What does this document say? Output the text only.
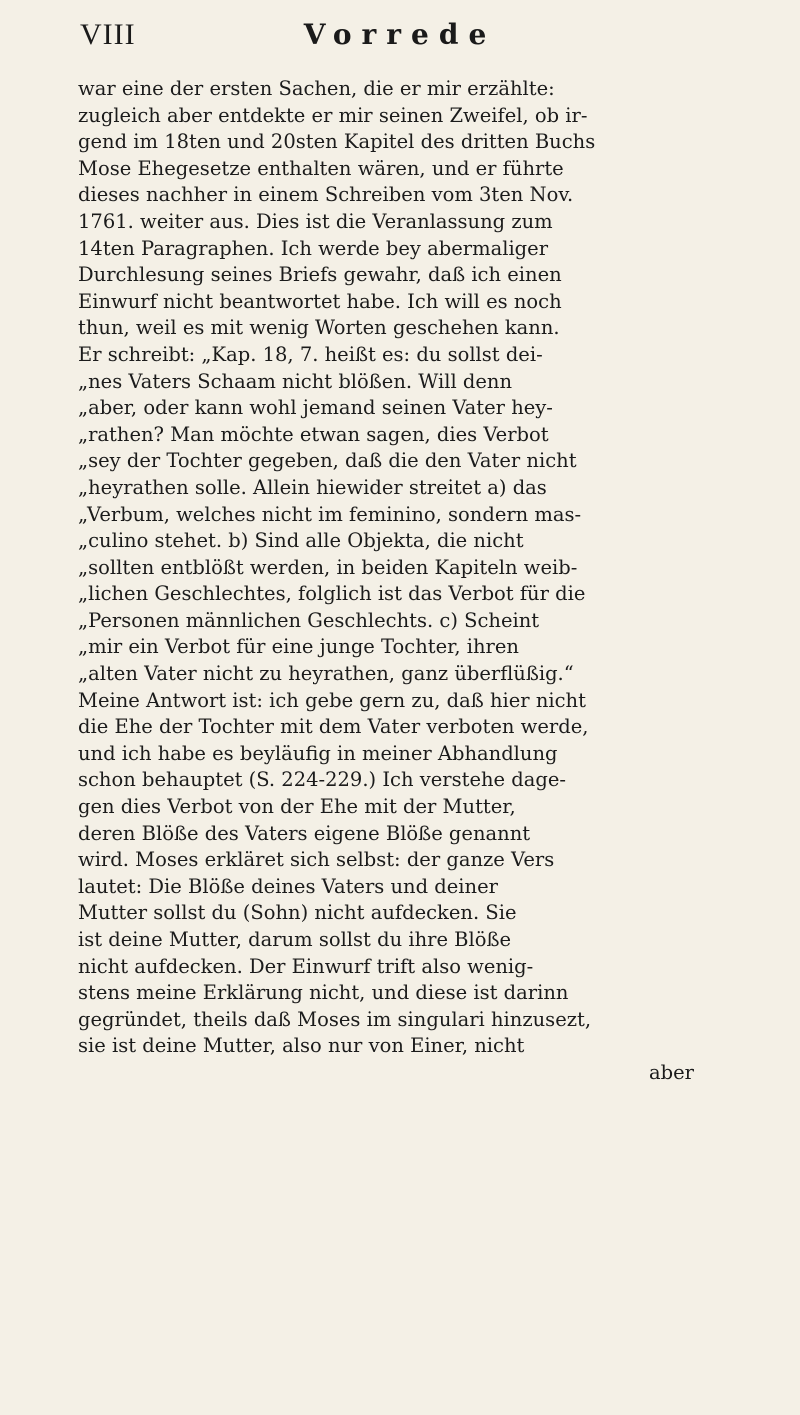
VIII	Vorrede
war eine der ersten Sachen, die er mir erzählte:
zugleich aber entdekte er mir seinen Zweifel, ob ir-
gend im 18ten und 20sten Kapitel des dritten Buchs
Mose Ehegesetze enthalten wären, und er führte
dieses nachher in einem Schreiben vom 3ten Nov.
1761. weiter aus. Dies ist die Veranlassung zum
14ten Paragraphen. Ich werde bey abermaliger
Durchlesung seines Briefs gewahr, daß ich einen
Einwurf nicht beantwortet habe. Ich will es noch
thun, weil es mit wenig Worten geschehen kann.
Er schreibt: „Kap. 18, 7. heißt es: du sollst dei-
„nes Vaters Schaam nicht blößen. Will denn
„aber, oder kann wohl jemand seinen Vater hey-
„rathen? Man möchte etwan sagen, dies Verbot
„sey der Tochter gegeben, daß die den Vater nicht
„heyrathen solle. Allein hiewider streitet a) das
„Verbum, welches nicht im feminino, sondern mas-
„culino stehet. b) Sind alle Objekta, die nicht
„sollten entblößt werden, in beiden Kapiteln weib-
„lichen Geschlechtes, folglich ist das Verbot für die
„Personen männlichen Geschlechts. c) Scheint
„mir ein Verbot für eine junge Tochter, ihren
„alten Vater nicht zu heyrathen, ganz überflüßig.“
Meine Antwort ist: ich gebe gern zu, daß hier nicht
die Ehe der Tochter mit dem Vater verboten werde,
und ich habe es beyläufig in meiner Abhandlung
schon behauptet (S. 224-229.) Ich verstehe dage-
gen dies Verbot von der Ehe mit der Mutter,
deren Blöße des Vaters eigene Blöße genannt
wird. Moses erkläret sich selbst: der ganze Vers
lautet: Die Blöße deines Vaters und deiner
Mutter sollst du (Sohn) nicht aufdecken. Sie
ist deine Mutter, darum sollst du ihre Blöße
nicht aufdecken. Der Einwurf trift also wenig-
stens meine Erklärung nicht, und diese ist darinn
gegründet, theils daß Moses im singulari hinzusezt,
sie ist deine Mutter, also nur von Einer, nicht
aber
